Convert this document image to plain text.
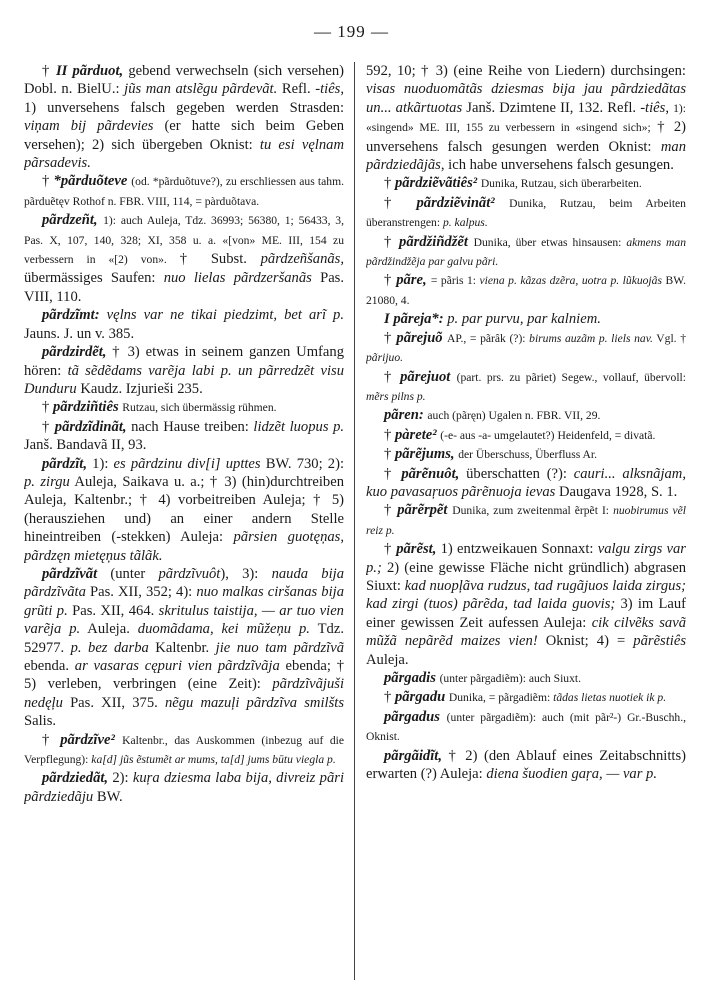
— 199 —

† II pãrduot, gebend verwechseln (sich versehen) Dobl. n. BielU.: jũs man atslẽgu pãrdevãt. Refl. -tiês, 1) unversehens falsch gegeben werden Strasden: viņam bij pãrdevies (er hatte sich beim Geben versehen); 2) sich übergeben Oknist: tu esi vęlnam pãrsadevis.

† *pãrduõteve (od. *pãrduõtuve?), zu erschliessen aus tahm. pãrduẽtęv Rothof n. FBR. VIII, 114, = pàrduõtava.

pãrdzeñt, 1): auch Auleja, Tdz. 36993; 56380, 1; 56433, 3, Pas. X, 107, 140, 328; XI, 358 u. a. «[von» ME. III, 154 zu verbessern in «[2) von». † Subst. pãrdzeñšanãs, übermässiges Saufen: nuo lielas pãrdzeršanãs Pas. VIII, 110.

pãrdzĩmt: vęlns var ne tikai piedzimt, bet arĩ p. Jauns. J. un v. 385.

pãrdzirdẽt, † 3) etwas in seinem ganzen Umfang hören: tã sẽdẽdams varẽja labi p. un pãrredzẽt visu Dunduru Kaudz. Izjurieši 235.

† pãrdziñtiês Rutzau, sich übermässig rühmen.

† pãrdzĩdinãt, nach Hause treiben: lidzẽt luopus p. Janš. Bandavã II, 93.

pãrdzĩt, 1): es pãrdzinu div[i] upttes BW. 730; 2): p. zirgu Auleja, Saikava u. a.; † 3) (hin)durchtreiben Auleja, Kaltenbr.; † 4) vorbeitreiben Auleja; † 5) (herausziehen und) an einer andern Stelle hineintreiben (-stekken) Auleja: pãrsien guotęņas, pãrdzęn mietęņus tãlãk.

pãrdzĩvãt (unter pãrdzĩvuôt), 3): nauda bija pãrdzĩvãta Pas. XII, 352; 4): nuo malkas ciršanas bija grũti p. Pas. XII, 464. skritulus taistija, — ar tuo vien varẽja p. Auleja. duomãdama, kei mũžeņu p. Tdz. 52977. p. bez darba Kaltenbr. jie nuo tam pãrdzĩvã ebenda. ar vasaras cępuri vien pãrdzĩvãja ebenda; † 5) verleben, verbringen (eine Zeit): pãrdzĩvãjuši nedęļu Pas. XII, 375. nẽgu mazuļi pãrdzĩva smilšts Salis.

† pãrdzĩve² Kaltenbr., das Auskommen (inbezug auf die Verpflegung): ka[d] jũs ẽstumẽt ar mums, ta[d] jums būtu viegla p.

pãrdziedãt, 2): kuŗa dziesma laba bija, divreiz pãri pãrdziedãju BW.

592, 10; † 3) (eine Reihe von Liedern) durchsingen: visas nuoduomãtãs dziesmas bija jau pãrdziedãtas un... atkãrtuotas Janš. Dzimtene II, 132. Refl. -tiês, 1): «singend» ME. III, 155 zu verbessern in «singend sich»; † 2) unversehens falsch gesungen werden Oknist: man pãrdziedãjãs, ich habe unversehens falsch gesungen.

† pãrdziẽvãtiês² Dunika, Rutzau, sich überarbeiten.

† pãrdziẽvinãt² Dunika, Rutzau, beim Arbeiten überanstrengen: p. kalpus.

† pãrdžiñdžẽt Dunika, über etwas hinsausen: akmens man pãrdžindžẽja par galvu pãri.

† pãre, = pãris 1: viena p. kãzas dzẽra, uotra p. lũkuojãs BW. 21080, 4.

I pãreja*: p. par purvu, par kalniem.

† pãrejuõ AP., = pãrâk (?): birums auzãm p. liels nav. Vgl. † pãrijuo.

† pãrejuot (part. prs. zu pãriet) Segew., vollauf, übervoll: mẽrs pilns p.

pãren: auch (pãręn) Ugalen n. FBR. VII, 29.

† pàrete² (-e- aus -a- umgelautet?) Heidenfeld, = divatã.

† pãrẽjums, der Überschuss, Überfluss Ar.

† pãrẽnuôt, überschatten (?): cauri... alksnãjam, kuo pavasaŗuos pãrẽnuoja ievas Daugava 1928, S. 1.

† pãrẽrpẽt Dunika, zum zweitenmal ẽrpẽt I: nuobirumus vẽl reiz p.

† pãrẽst, 1) entzweikauen Sonnaxt: valgu zirgs var p.; 2) (eine gewisse Fläche nicht gründlich) abgrasen Siuxt: kad nuopļãva rudzus, tad rugãjuos laida zirgus; kad zirgi (tuos) pãrẽda, tad laida guovis; 3) im Lauf einer gewissen Zeit aufessen Auleja: cik cilvẽks savã mũžã nepãrẽd maizes vien! Oknist; 4) = pãrẽstiês Auleja.

pãrgadis (unter pãrgadiẽm): auch Siuxt.

† pãrgadu Dunika, = pãrgadiẽm: tãdas lietas nuotiek ik p.

pãrgadus (unter pãrgadiẽm): auch (mit pãr²-) Gr.-Buschh., Oknist.

pãrgãidĩt, † 2) (den Ablauf eines Zeitabschnitts) erwarten (?) Auleja: diena šuodien gaŗa, — var p.
